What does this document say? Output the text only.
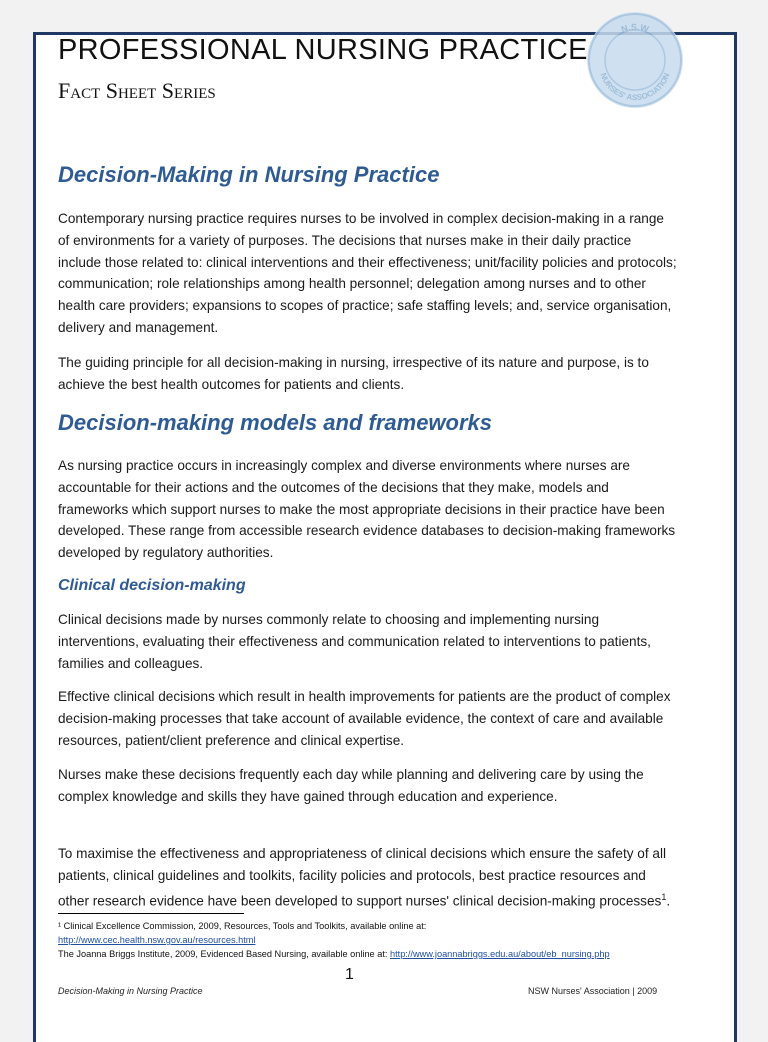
N.S.W
NURSES' ASSOCIATION
PROFESSIONAL NURSING PRACTICE
Fact Sheet Series
Decision-Making in Nursing Practice
Contemporary nursing practice requires nurses to be involved in complex decision-making in a range of environments for a variety of purposes. The decisions that nurses make in their daily practice include those related to: clinical interventions and their effectiveness; unit/facility policies and protocols; communication; role relationships among health personnel; delegation among nurses and to other health care providers; expansions to scopes of practice; safe staffing levels; and, service organisation, delivery and management.
The guiding principle for all decision-making in nursing, irrespective of its nature and purpose, is to achieve the best health outcomes for patients and clients.
Decision-making models and frameworks
As nursing practice occurs in increasingly complex and diverse environments where nurses are accountable for their actions and the outcomes of the decisions that they make, models and frameworks which support nurses to make the most appropriate decisions in their practice have been developed. These range from accessible research evidence databases to decision-making frameworks developed by regulatory authorities.
Clinical decision-making
Clinical decisions made by nurses commonly relate to choosing and implementing nursing interventions, evaluating their effectiveness and communication related to interventions to patients, families and colleagues.
Effective clinical decisions which result in health improvements for patients are the product of complex decision-making processes that take account of available evidence, the context of care and available resources, patient/client preference and clinical expertise.
Nurses make these decisions frequently each day while planning and delivering care by using the complex knowledge and skills they have gained through education and experience.
To maximise the effectiveness and appropriateness of clinical decisions which ensure the safety of all patients, clinical guidelines and toolkits, facility policies and protocols, best practice resources and other research evidence have been developed to support nurses' clinical decision-making processes$^1$.
¹ Clinical Excellence Commission, 2009, Resources, Tools and Toolkits, available online at:
http://www.cec.health.nsw.gov.au/resources.html
The Joanna Briggs Institute, 2009, Evidenced Based Nursing, available online at: http://www.joannabriggs.edu.au/about/eb_nursing.php
1
Decision-Making in Nursing Practice	NSW Nurses' Association | 2009
